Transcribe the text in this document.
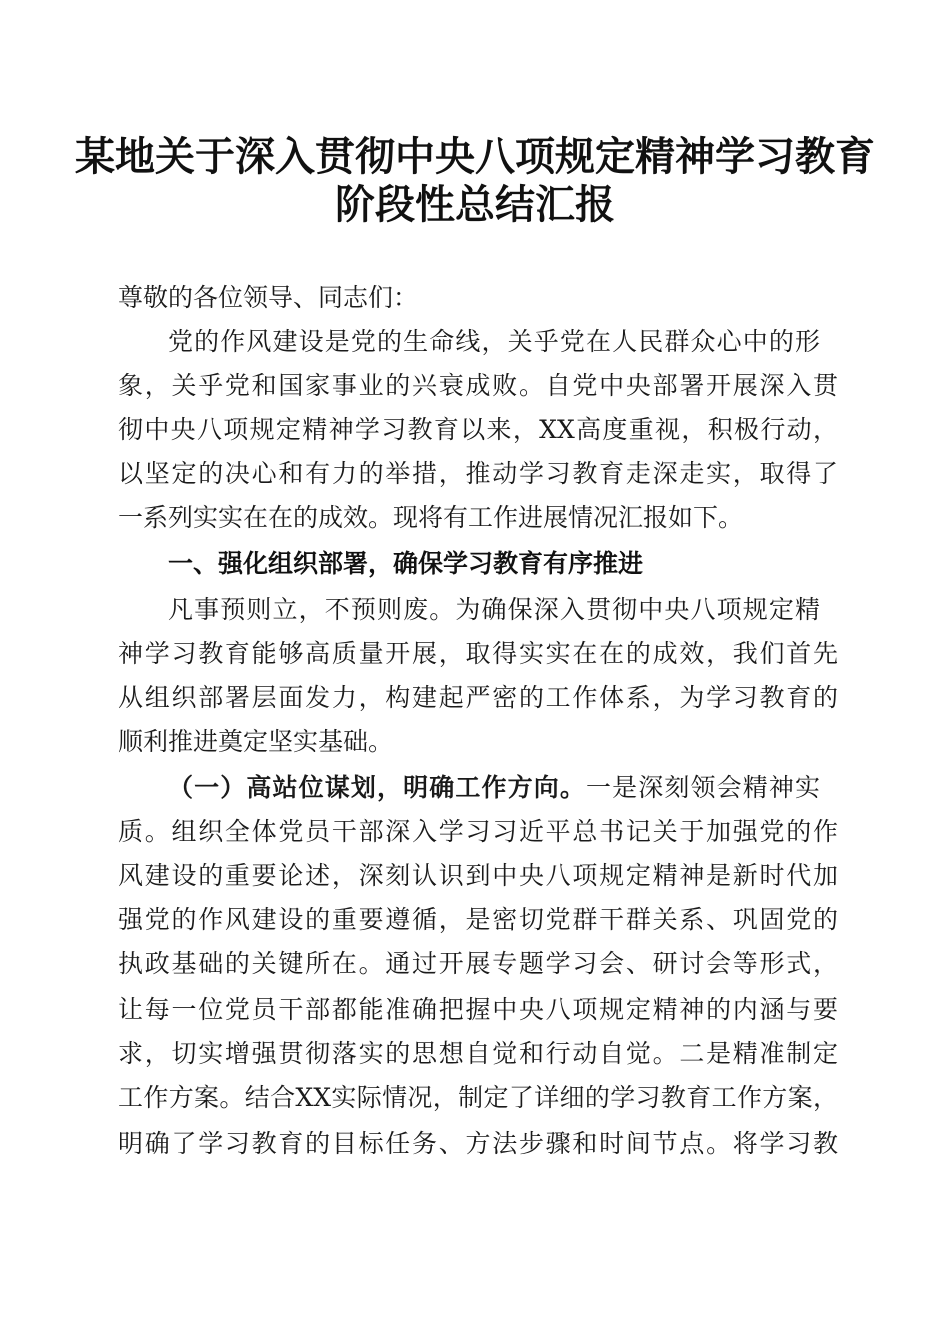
某地关于深入贯彻中央八项规定精神学习教育
阶段性总结汇报
尊敬的各位领导、同志们：
党的作风建设是党的生命线，关乎党在人民群众心中的形
象，关乎党和国家事业的兴衰成败。自党中央部署开展深入贯
彻中央八项规定精神学习教育以来，XX高度重视，积极行动，
以坚定的决心和有力的举措，推动学习教育走深走实，取得了
一系列实实在在的成效。现将有工作进展情况汇报如下。
一、强化组织部署，确保学习教育有序推进
凡事预则立，不预则废。为确保深入贯彻中央八项规定精
神学习教育能够高质量开展，取得实实在在的成效，我们首先
从组织部署层面发力，构建起严密的工作体系，为学习教育的
顺利推进奠定坚实基础。
（一）高站位谋划，明确工作方向。一是深刻领会精神实
质。组织全体党员干部深入学习习近平总书记关于加强党的作
风建设的重要论述，深刻认识到中央八项规定精神是新时代加
强党的作风建设的重要遵循，是密切党群干群关系、巩固党的
执政基础的关键所在。通过开展专题学习会、研讨会等形式，
让每一位党员干部都能准确把握中央八项规定精神的内涵与要
求，切实增强贯彻落实的思想自觉和行动自觉。二是精准制定
工作方案。结合XX实际情况，制定了详细的学习教育工作方案，
明确了学习教育的目标任务、方法步骤和时间节点。将学习教
